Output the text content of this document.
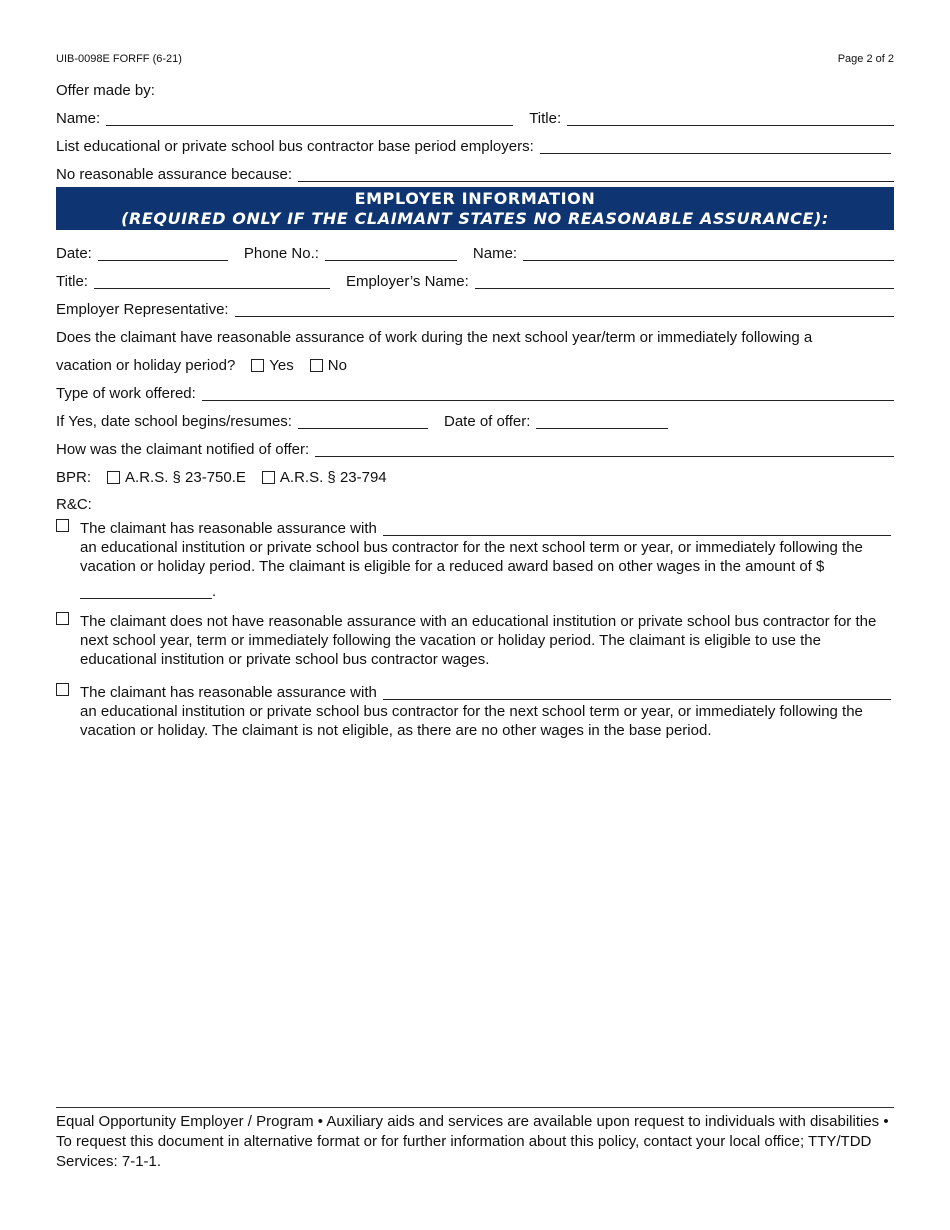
UIB-0098E FORFF (6-21)	Page 2 of 2
Offer made by:
Name:	Title:
List educational or private school bus contractor base period employers:
No reasonable assurance because:
EMPLOYER INFORMATION
(REQUIRED ONLY IF THE CLAIMANT STATES NO REASONABLE ASSURANCE):
Date:	Phone No.:	Name:
Title:	Employer’s Name:
Employer Representative:
Does the claimant have reasonable assurance of work during the next school year/term or immediately following a
vacation or holiday period? Yes No
Type of work offered:
If Yes, date school begins/resumes:	Date of offer:
How was the claimant notified of offer:
BPR: A.R.S. § 23-750.E A.R.S. § 23-794
R&C:
The claimant has reasonable assurance with
an educational institution or private school bus contractor for the next school term or year, or immediately following the vacation or holiday period. The claimant is eligible for a reduced award based on other wages in the amount of $
.
The claimant does not have reasonable assurance with an educational institution or private school bus contractor for the next school year, term or immediately following the vacation or holiday period. The claimant is eligible to use the educational institution or private school bus contractor wages.
The claimant has reasonable assurance with
an educational institution or private school bus contractor for the next school term or year, or immediately following the vacation or holiday. The claimant is not eligible, as there are no other wages in the base period.
Equal Opportunity Employer / Program • Auxiliary aids and services are available upon request to individuals with disabilities • To request this document in alternative format or for further information about this policy, contact your local office; TTY/TDD Services: 7-1-1.
